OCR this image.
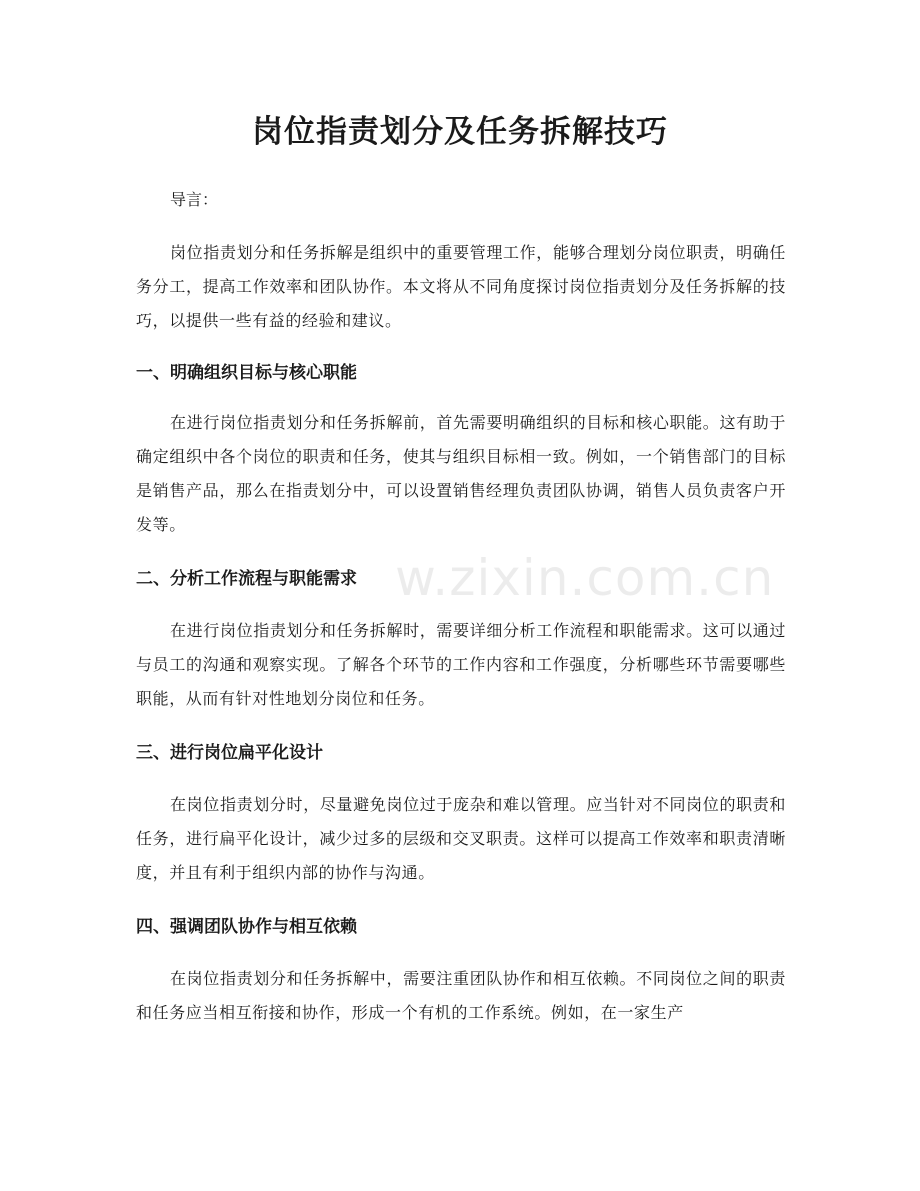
岗位指责划分及任务拆解技巧

导言：

岗位指责划分和任务拆解是组织中的重要管理工作，能够合理划分岗位职责，明确任务分工，提高工作效率和团队协作。本文将从不同角度探讨岗位指责划分及任务拆解的技巧，以提供一些有益的经验和建议。

一、明确组织目标与核心职能

在进行岗位指责划分和任务拆解前，首先需要明确组织的目标和核心职能。这有助于确定组织中各个岗位的职责和任务，使其与组织目标相一致。例如，一个销售部门的目标是销售产品，那么在指责划分中，可以设置销售经理负责团队协调，销售人员负责客户开发等。

二、分析工作流程与职能需求

在进行岗位指责划分和任务拆解时，需要详细分析工作流程和职能需求。这可以通过与员工的沟通和观察实现。了解各个环节的工作内容和工作强度，分析哪些环节需要哪些职能，从而有针对性地划分岗位和任务。

三、进行岗位扁平化设计

在岗位指责划分时，尽量避免岗位过于庞杂和难以管理。应当针对不同岗位的职责和任务，进行扁平化设计，减少过多的层级和交叉职责。这样可以提高工作效率和职责清晰度，并且有利于组织内部的协作与沟通。

四、强调团队协作与相互依赖

在岗位指责划分和任务拆解中，需要注重团队协作和相互依赖。不同岗位之间的职责和任务应当相互衔接和协作，形成一个有机的工作系统。例如，在一家生产

w.zixin.com.cn
